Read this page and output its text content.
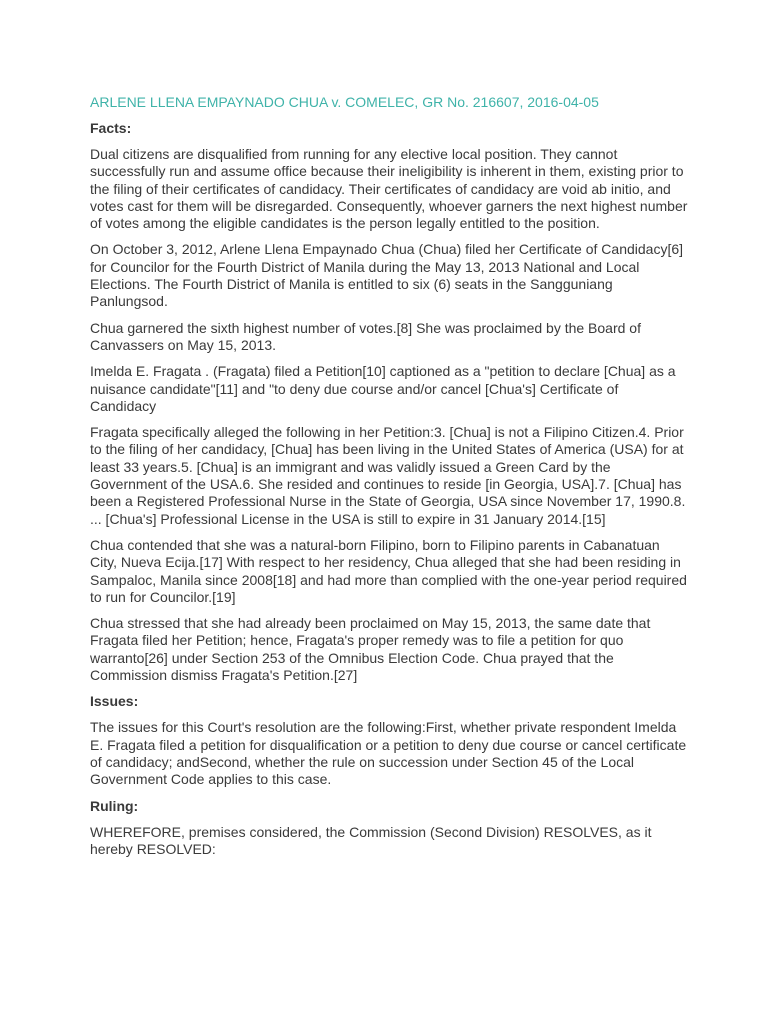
ARLENE LLENA EMPAYNADO CHUA v. COMELEC, GR No. 216607, 2016-04-05
Facts:

Dual citizens are disqualified from running for any elective local position. They cannot successfully run and assume office because their ineligibility is inherent in them, existing prior to the filing of their certificates of candidacy. Their certificates of candidacy are void ab initio, and votes cast for them will be disregarded. Consequently, whoever garners the next highest number of votes among the eligible candidates is the person legally entitled to the position.

On October 3, 2012, Arlene Llena Empaynado Chua (Chua) filed her Certificate of Candidacy[6] for Councilor for the Fourth District of Manila during the May 13, 2013 National and Local Elections. The Fourth District of Manila is entitled to six (6) seats in the Sangguniang Panlungsod.

Chua garnered the sixth highest number of votes.[8] She was proclaimed by the Board of Canvassers on May 15, 2013.

Imelda E. Fragata . (Fragata) filed a Petition[10] captioned as a "petition to declare [Chua] as a nuisance candidate"[11] and "to deny due course and/or cancel [Chua's] Certificate of Candidacy

Fragata specifically alleged the following in her Petition:3. [Chua] is not a Filipino Citizen.4. Prior to the filing of her candidacy, [Chua] has been living in the United States of America (USA) for at least 33 years.5. [Chua] is an immigrant and was validly issued a Green Card by the Government of the USA.6. She resided and continues to reside [in Georgia, USA].7. [Chua] has been a Registered Professional Nurse in the State of Georgia, USA since November 17, 1990.8. ... [Chua's] Professional License in the USA is still to expire in 31 January 2014.[15]

Chua contended that she was a natural-born Filipino, born to Filipino parents in Cabanatuan City, Nueva Ecija.[17] With respect to her residency, Chua alleged that she had been residing in Sampaloc, Manila since 2008[18] and had more than complied with the one-year period required to run for Councilor.[19]

Chua stressed that she had already been proclaimed on May 15, 2013, the same date that Fragata filed her Petition; hence, Fragata's proper remedy was to file a petition for quo warranto[26] under Section 253 of the Omnibus Election Code. Chua prayed that the Commission dismiss Fragata's Petition.[27]

Issues:

The issues for this Court's resolution are the following:First, whether private respondent Imelda E. Fragata filed a petition for disqualification or a petition to deny due course or cancel certificate of candidacy; andSecond, whether the rule on succession under Section 45 of the Local Government Code applies to this case.

Ruling:

WHEREFORE, premises considered, the Commission (Second Division) RESOLVES, as it hereby RESOLVED:
